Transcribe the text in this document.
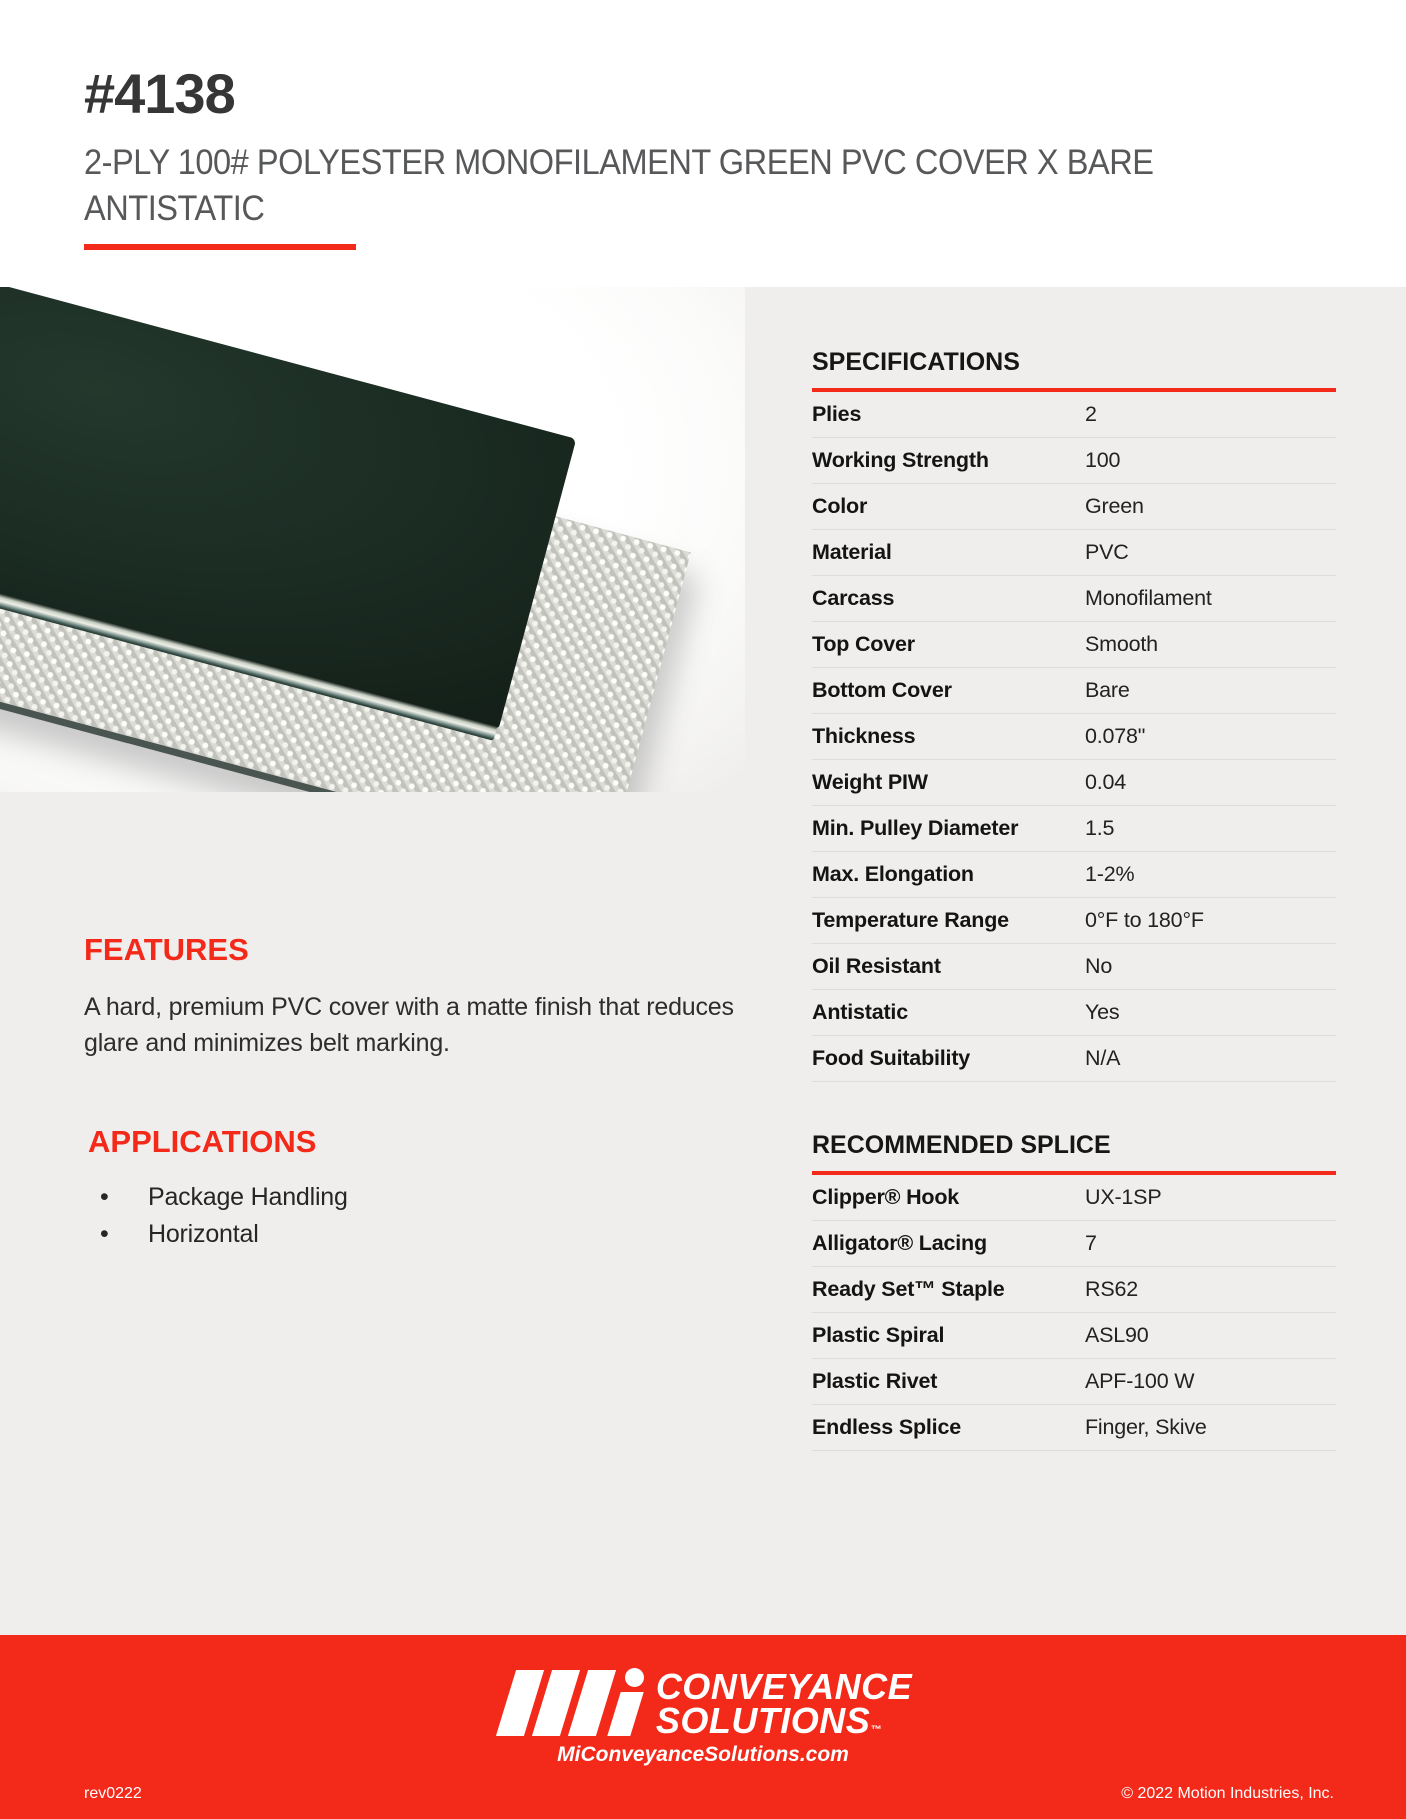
#4138
2-PLY 100# POLYESTER MONOFILAMENT GREEN PVC COVER X BARE
ANTISTATIC
FEATURES

A hard, premium PVC cover with a matte finish that reduces glare and minimizes belt marking.

APPLICATIONS
• Package Handling
• Horizontal
SPECIFICATIONS
Plies	2
Working Strength	100
Color	Green
Material	PVC
Carcass	Monofilament
Top Cover	Smooth
Bottom Cover	Bare
Thickness	0.078"
Weight PIW	0.04
Min. Pulley Diameter	1.5
Max. Elongation	1-2%
Temperature Range	0°F to 180°F
Oil Resistant	No
Antistatic	Yes
Food Suitability	N/A
RECOMMENDED SPLICE
Clipper® Hook	UX-1SP
Alligator® Lacing	7
Ready Set™ Staple	RS62
Plastic Spiral	ASL90
Plastic Rivet	APF-100 W
Endless Splice	Finger, Skive
CONVEYANCE
SOLUTIONS™
MiConveyanceSolutions.com
rev0222	© 2022 Motion Industries, Inc.
